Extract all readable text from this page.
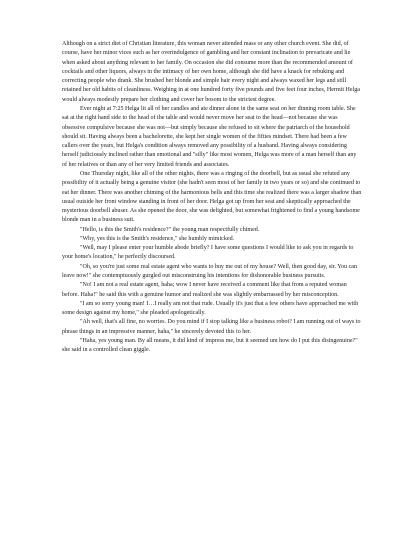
Although on a strict diet of Christian literature, this woman never attended mass or any other church event. She did, of course, have her minor vices such as her overindulgence of gambling and her constant inclination to prevaricate and lie when asked about anything relevant to her family. On occasion she did consume more than the recommended amount of cocktails and other liquors, always in the intimacy of her own home, although she did have a knack for rebuking and correcting people who drank. She brushed her blonde and simple hair every night and always waxed her legs and still retained her old habits of cleanliness. Weighing in at one hundred forty five pounds and five feet four inches, Hermit Helga would always modestly prepare her clothing and cover her bosom to the strictest degree.

Ever night at 7:25 Helga lit all of her candles and ate dinner alone in the same seat on her dinning room table. She sat at the right hand side to the head of the table and would never move her seat to the head—not because she was obsessive compulsive because she was not—but simply because she refused to sit where the patriarch of the household should sit. Having always been a bachelorette, she kept her single women of the fifties mindset. There had been a few callers over the years, but Helga's condition always removed any possibility of a husband. Having always considering herself judiciously inclined rather than emotional and "silly" like most women, Helga was more of a man herself than any of her relatives or than any of her very limited friends and associates.

One Thursday night, like all of the other nights, there was a ringing of the doorbell, but as usual she refuted any possibility of it actually being a genuine visitor (she hadn't seen most of her family in two years or so) and she continued to eat her dinner. There was another chiming of the harmonious bells and this time she realized there was a larger shadow than usual outside her front window standing in front of her door. Helga got up from her seat and skeptically approached the mysterious doorbell abuser. As she opened the door, she was delighted, but somewhat frightened to find a young handsome blonde man in a business suit.

"Hello, is this the Smith's residence?" the young man respectfully chimed.

"Why, yes this is the Smith's residence," she humbly mimicked.

"Well, may I please enter your humble abode briefly? I have some questions I would like to ask you in regards to your home's location," he perfectly discoursed.

"Oh, so you're just some real estate agent who wants to buy me out of my house? Well, then good day, sir. You can leave now!" she contemptuously gurgled out misconstruing his intentions for dishonorable business pursuits.

"No! I am not a real estate agent, haha; wow I never have received a comment like that from a reputed woman before. Haha!" he said this with a genuine humor and realized she was slightly embarrassed by her misconception.

"I am so sorry young man! I…I really am not that rude. Usually it's just that a few others have approached me with some design against my home," she pleaded apologetically.

"Ah well, that's all fine, no worries. Do you mind if I stop talking like a business robot? I am running out of ways to phrase things in an impressive manner, haha," he sincerely devoted this to her.

"Haha, yes young man. By all means, it did kind of impress me, but it seemed um how do I put this disingenuine?" she said in a controlled clean giggle.
